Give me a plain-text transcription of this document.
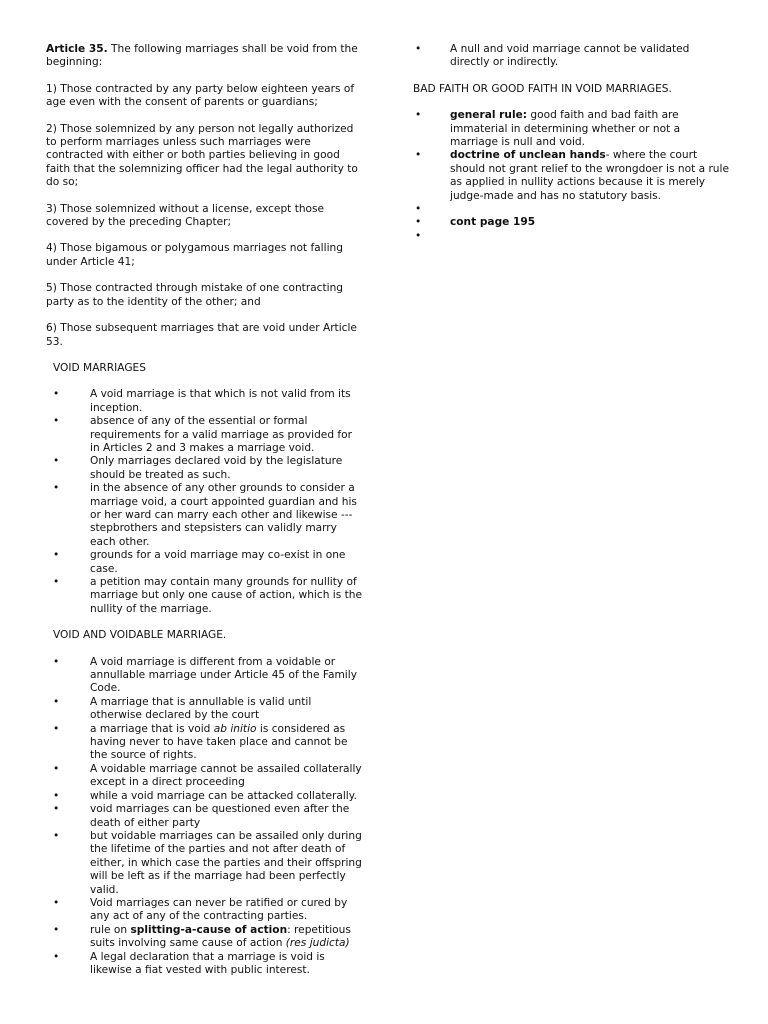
Article 35. The following marriages shall be void from the beginning:

1) Those contracted by any party below eighteen years of age even with the consent of parents or guardians;

2) Those solemnized by any person not legally authorized to perform marriages unless such marriages were contracted with either or both parties believing in good faith that the solemnizing officer had the legal authority to do so;

3) Those solemnized without a license, except those covered by the preceding Chapter;

4) Those bigamous or polygamous marriages not falling under Article 41;

5) Those contracted through mistake of one contracting party as to the identity of the other; and

6) Those subsequent marriages that are void under Article 53.

VOID MARRIAGES
•	A void marriage is that which is not valid from its inception.
•	absence of any of the essential or formal requirements for a valid marriage as provided for in Articles 2 and 3 makes a marriage void.
•	Only marriages declared void by the legislature should be treated as such.
•	in the absence of any other grounds to consider a marriage void, a court appointed guardian and his or her ward can marry each other and likewise --- stepbrothers and stepsisters can validly marry each other.
•	grounds for a void marriage may co-exist in one case.
•	a petition may contain many grounds for nullity of marriage but only one cause of action, which is the nullity of the marriage.
VOID AND VOIDABLE MARRIAGE.
•	A void marriage is different from a voidable or annullable marriage under Article 45 of the Family Code.
•	A marriage that is annullable is valid until otherwise declared by the court
•	a marriage that is void ab initio is considered as having never to have taken place and cannot be the source of rights.
•	A voidable marriage cannot be assailed collaterally except in a direct proceeding
•	while a void marriage can be attacked collaterally.
•	void marriages can be questioned even after the death of either party
•	but voidable marriages can be assailed only during the lifetime of the parties and not after death of either, in which case the parties and their offspring will be left as if the marriage had been perfectly valid.
•	Void marriages can never be ratified or cured by any act of any of the contracting parties.
•	rule on splitting-a-cause of action: repetitious suits involving same cause of action (res judicta)
•	A legal declaration that a marriage is void is likewise a fiat vested with public interest.
•	A null and void marriage cannot be validated directly or indirectly.

BAD FAITH OR GOOD FAITH IN VOID MARRIAGES.

•	general rule: good faith and bad faith are immaterial in determining whether or not a marriage is null and void.
•	doctrine of unclean hands- where the court should not grant relief to the wrongdoer is not a rule as applied in nullity actions because it is merely judge-made and has no statutory basis.
•
•	cont page 195
•
